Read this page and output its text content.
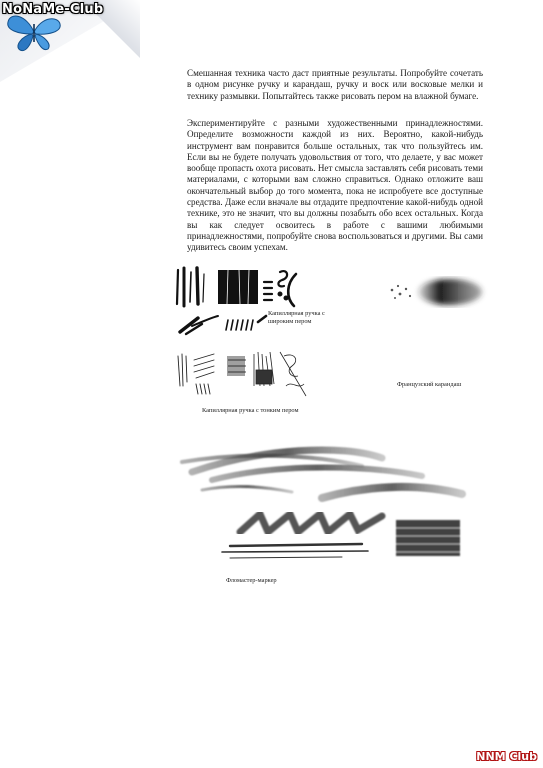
NoNaMe-Club

Смешанная техника часто даст приятные результаты. Попробуйте сочетать в одном рисунке ручку и карандаш, ручку и воск или восковые мелки и технику размывки. Попытайтесь также рисовать пером на влажной бумаге.

Экспериментируйте с разными художественными принадлежностями. Определите возможности каждой из них. Вероятно, какой-нибудь инструмент вам понравится больше остальных, так что пользуйтесь им. Если вы не будете получать удовольствия от того, что делаете, у вас может вообще пропасть охота рисовать. Нет смысла заставлять себя рисовать теми материалами, с которыми вам сложно справиться. Однако отложите ваш окончательный выбор до того момента, пока не испробуете все доступные средства. Даже если вначале вы отдадите предпочтение какой-нибудь одной технике, это не значит, что вы должны позабыть обо всех остальных. Когда вы как следует освоитесь в работе с вашими любимыми принадлежностями, попробуйте снова воспользоваться и другими. Вы сами удивитесь своим успехам.

Капиллярная ручка с широким пером
Французский карандаш
Капиллярная ручка с тонким пером
Фломастер-маркер
NNM Club
